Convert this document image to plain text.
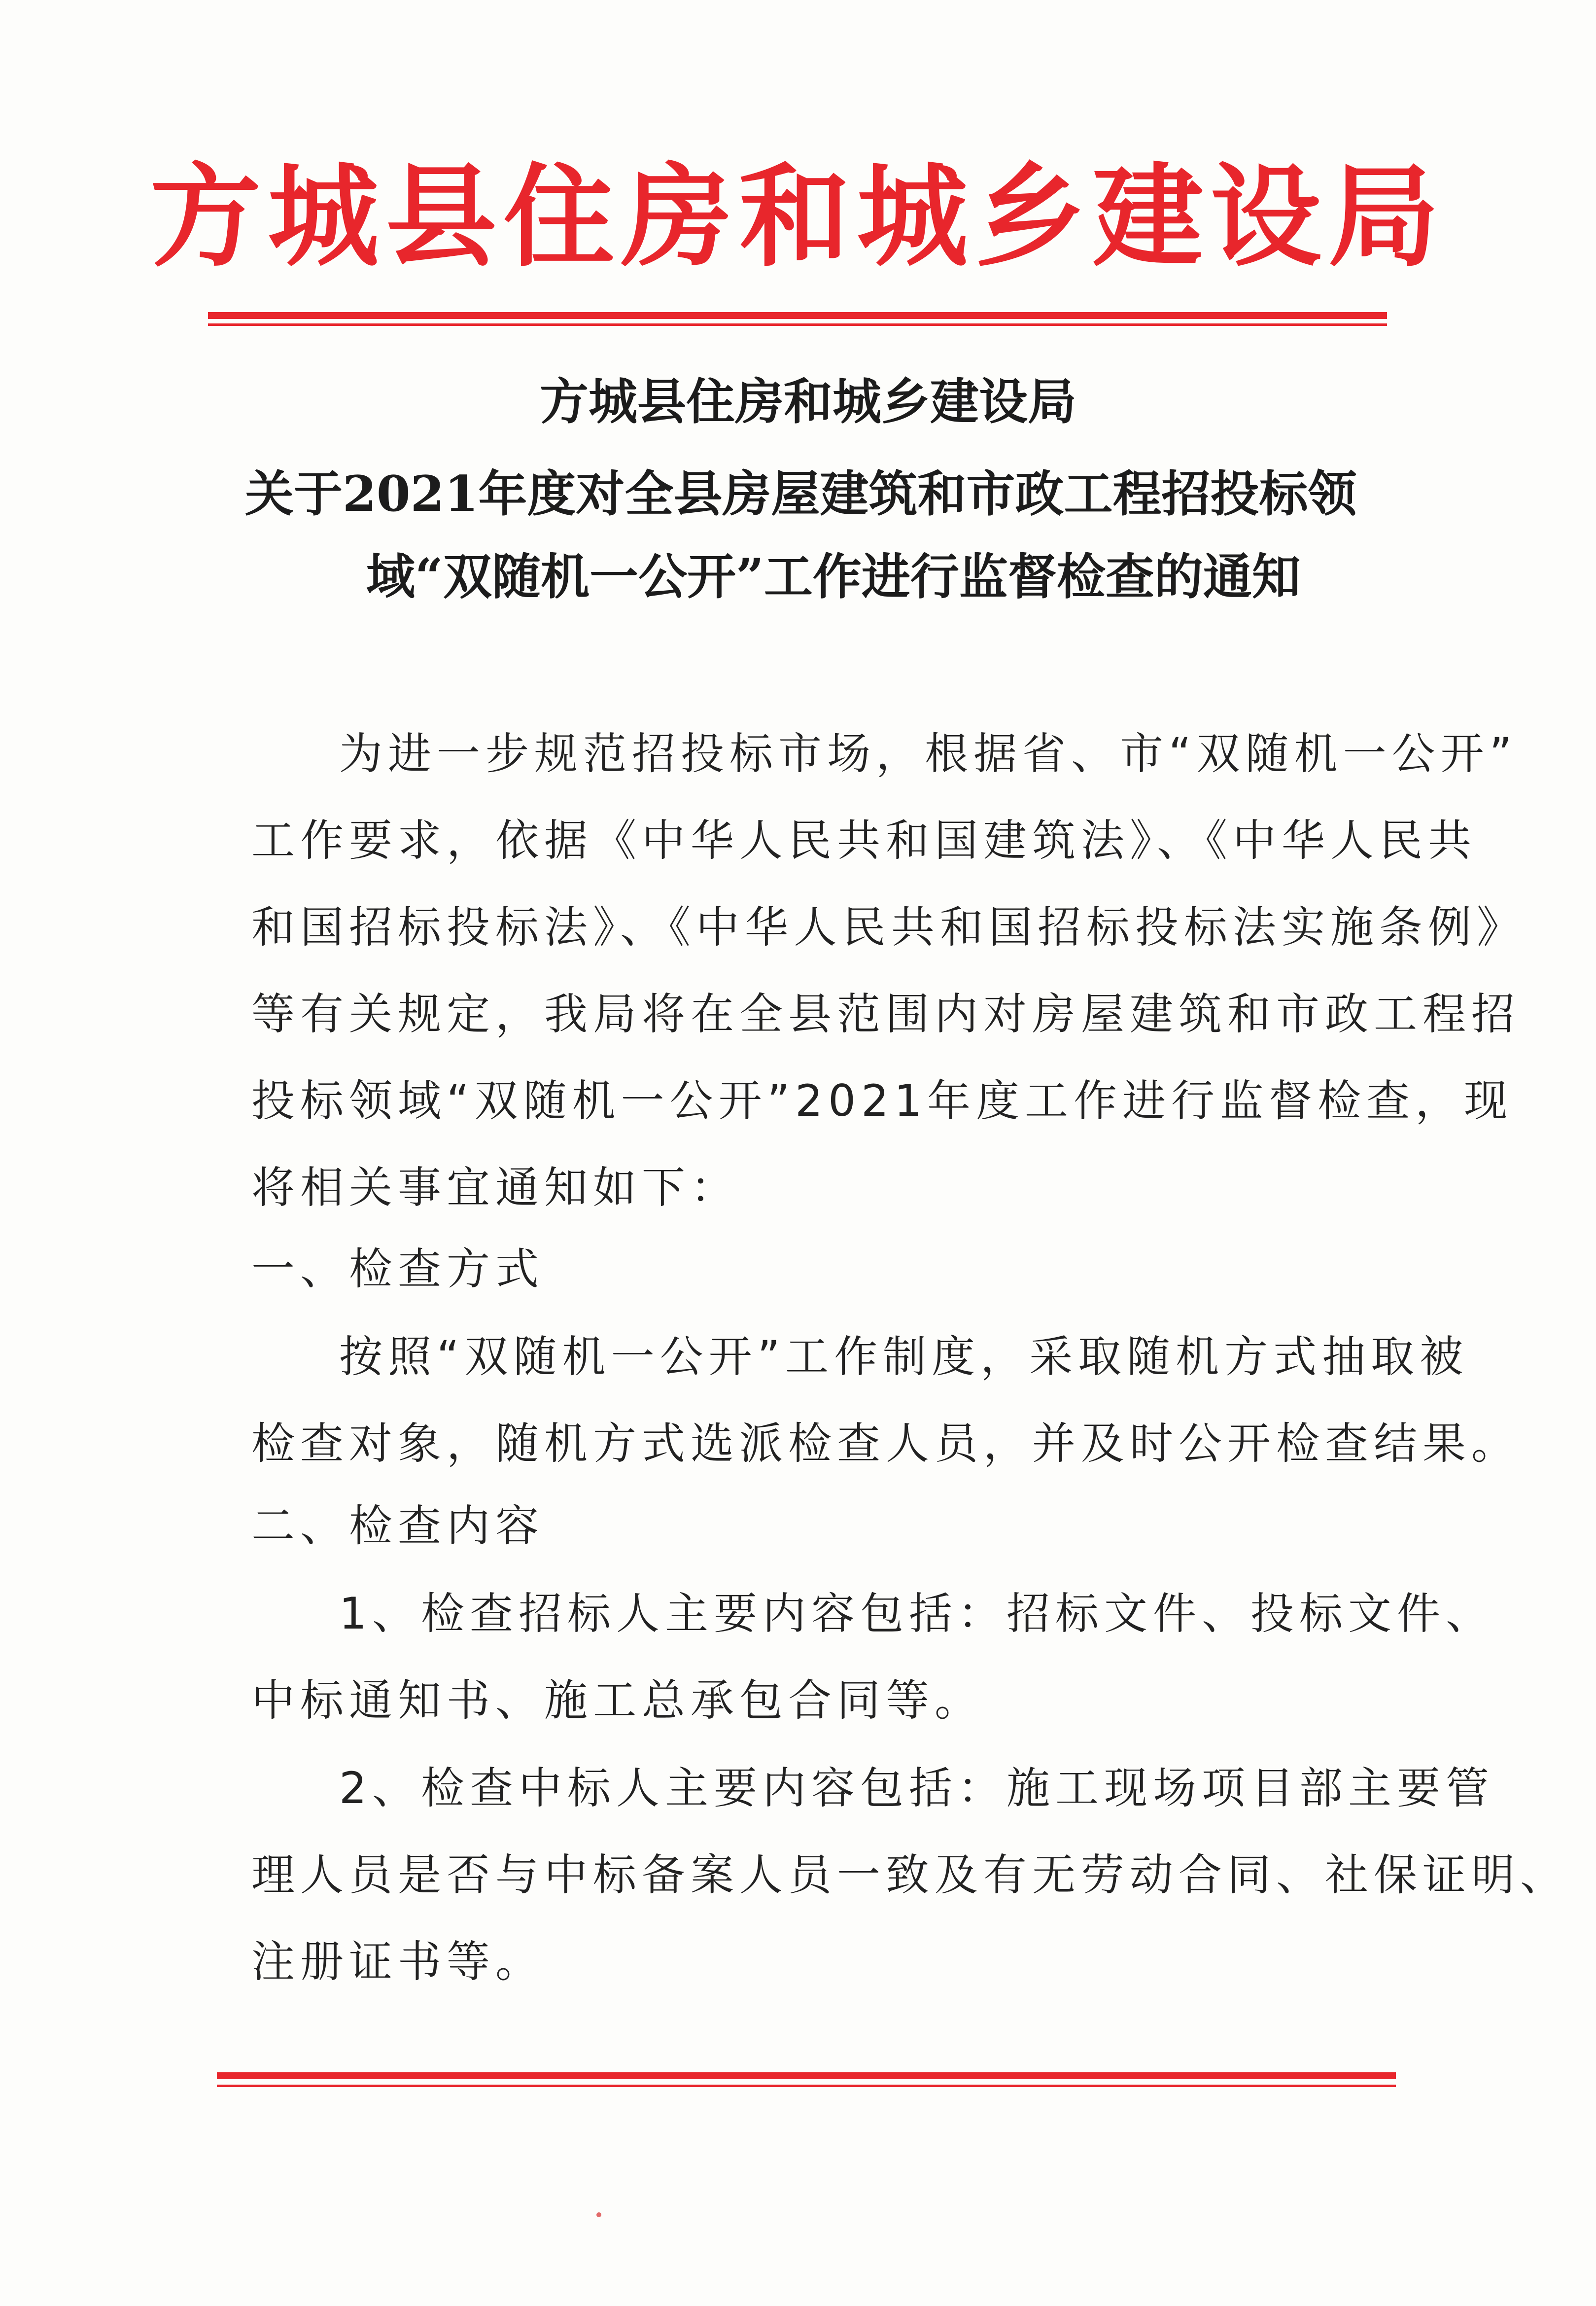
方城县住房和城乡建设局
方城县住房和城乡建设局
关于2021年度对全县房屋建筑和市政工程招投标领
域“双随机一公开”工作进行监督检查的通知
为进一步规范招投标市场，根据省、市“双随机一公开”
工作要求，依据《中华人民共和国建筑法》、《中华人民共
和国招标投标法》、《中华人民共和国招标投标法实施条例》
等有关规定，我局将在全县范围内对房屋建筑和市政工程招
投标领域“双随机一公开”2021年度工作进行监督检查，现
将相关事宜通知如下：
一、检查方式
按照“双随机一公开”工作制度，采取随机方式抽取被
检查对象，随机方式选派检查人员，并及时公开检查结果。
二、检查内容
1、检查招标人主要内容包括：招标文件、投标文件、
中标通知书、施工总承包合同等。
2、检查中标人主要内容包括：施工现场项目部主要管
理人员是否与中标备案人员一致及有无劳动合同、社保证明、
注册证书等。
